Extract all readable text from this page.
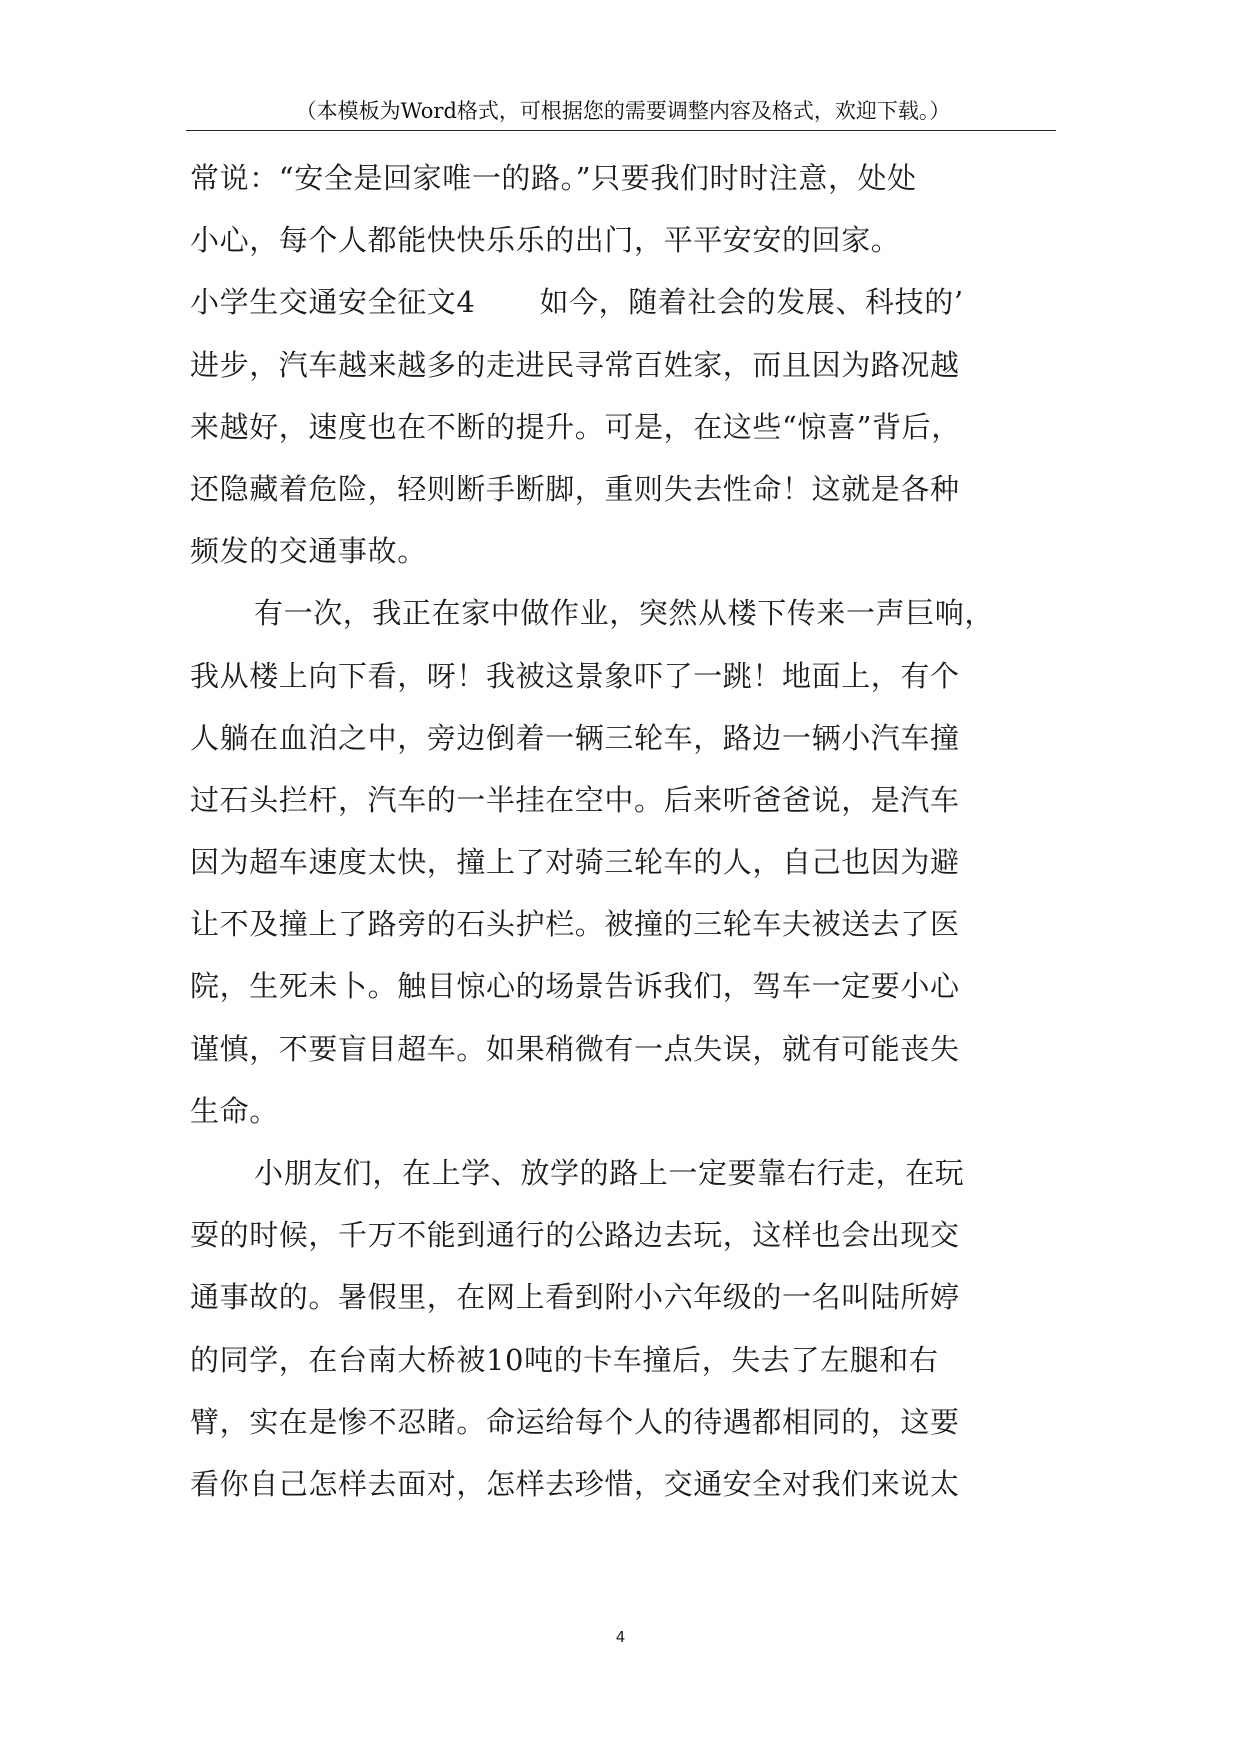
（本模板为Word格式，可根据您的需要调整内容及格式，欢迎下载。）
常说：“安全是回家唯一的路。”只要我们时时注意，处处
小心，每个人都能快快乐乐的出门，平平安安的回家。
小学生交通安全征文4 如今，随着社会的发展、科技的’
进步，汽车越来越多的走进民寻常百姓家，而且因为路况越
来越好，速度也在不断的提升。可是，在这些“惊喜”背后，
还隐藏着危险，轻则断手断脚，重则失去性命！这就是各种
频发的交通事故。
有一次，我正在家中做作业，突然从楼下传来一声巨响，
我从楼上向下看，呀！我被这景象吓了一跳！地面上，有个
人躺在血泊之中，旁边倒着一辆三轮车，路边一辆小汽车撞
过石头拦杆，汽车的一半挂在空中。后来听爸爸说，是汽车
因为超车速度太快，撞上了对骑三轮车的人，自己也因为避
让不及撞上了路旁的石头护栏。被撞的三轮车夫被送去了医
院，生死未卜。触目惊心的场景告诉我们，驾车一定要小心
谨慎，不要盲目超车。如果稍微有一点失误，就有可能丧失
生命。
小朋友们，在上学、放学的路上一定要靠右行走，在玩
耍的时候，千万不能到通行的公路边去玩，这样也会出现交
通事故的。暑假里，在网上看到附小六年级的一名叫陆所婷
的同学，在台南大桥被10吨的卡车撞后，失去了左腿和右
臂，实在是惨不忍睹。命运给每个人的待遇都相同的，这要
看你自己怎样去面对，怎样去珍惜，交通安全对我们来说太
4
